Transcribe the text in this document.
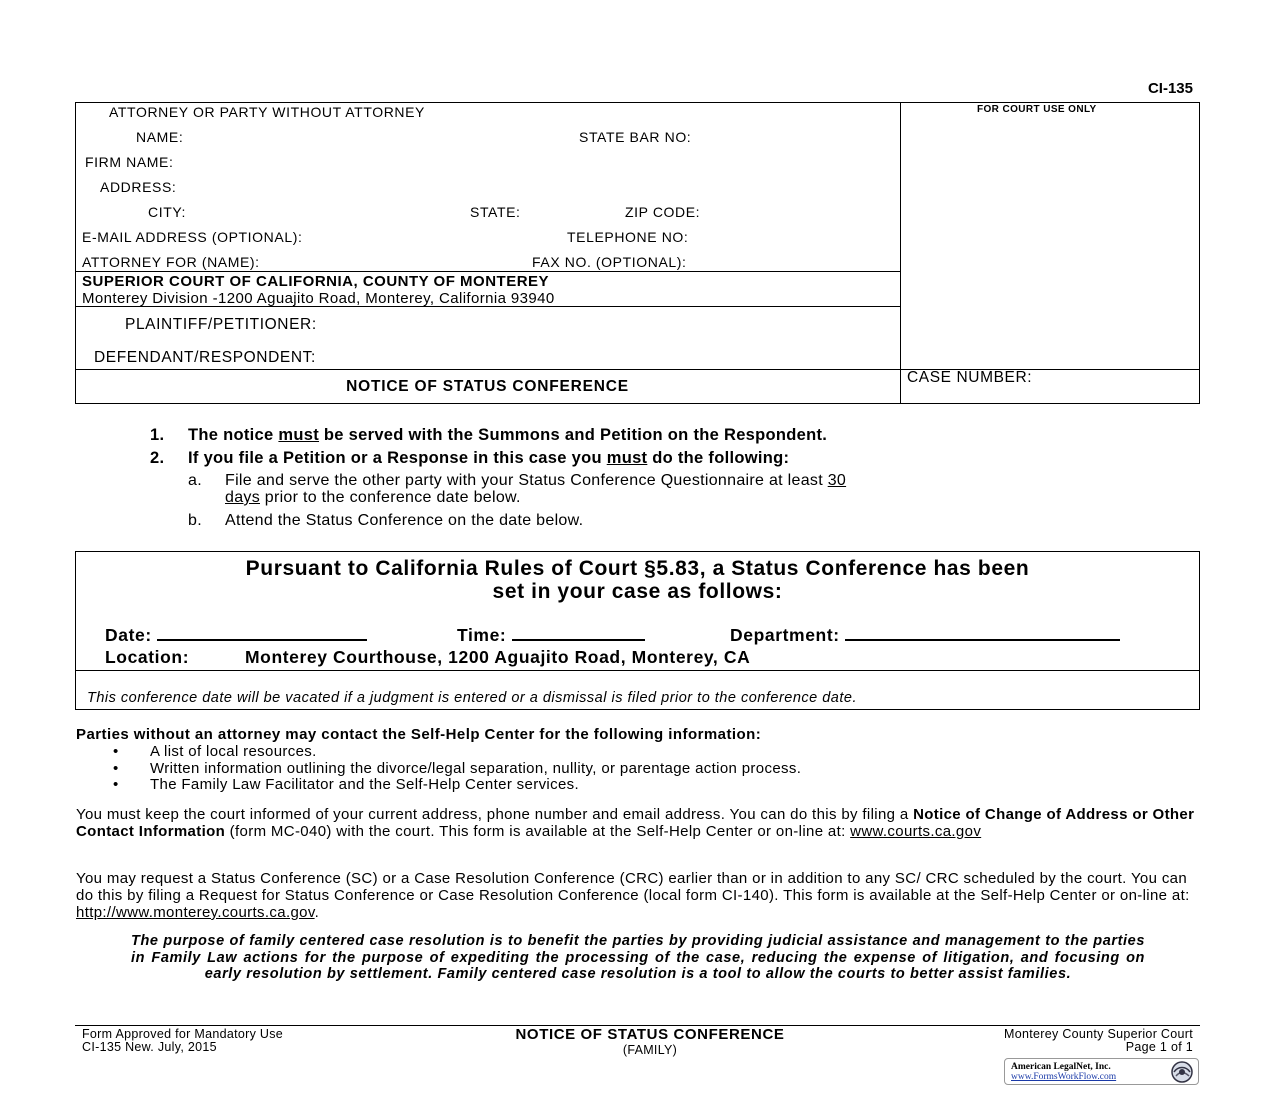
CI-135
ATTORNEY OR PARTY WITHOUT ATTORNEY	FOR COURT USE ONLY
NAME:	STATE BAR NO:
FIRM NAME:
ADDRESS:
CITY:	STATE:	ZIP CODE:
E-MAIL ADDRESS (OPTIONAL):	TELEPHONE NO:
ATTORNEY FOR (NAME):	FAX NO. (OPTIONAL):
SUPERIOR COURT OF CALIFORNIA, COUNTY OF MONTEREY
Monterey Division -1200 Aguajito Road, Monterey, California 93940
PLAINTIFF/PETITIONER:
DEFENDANT/RESPONDENT:
NOTICE OF STATUS CONFERENCE
CASE NUMBER:
1. The notice must be served with the Summons and Petition on the Respondent.
2. If you file a Petition or a Response in this case you must do the following:
a. File and serve the other party with your Status Conference Questionnaire at least 30
days prior to the conference date below.
b. Attend the Status Conference on the date below.
Pursuant to California Rules of Court §5.83, a Status Conference has been
set in your case as follows:
Date:	Time:	Department:
Location:	Monterey Courthouse, 1200 Aguajito Road, Monterey, CA
This conference date will be vacated if a judgment is entered or a dismissal is filed prior to the conference date.
Parties without an attorney may contact the Self-Help Center for the following information:
• A list of local resources.
• Written information outlining the divorce/legal separation, nullity, or parentage action process.
• The Family Law Facilitator and the Self-Help Center services.
You must keep the court informed of your current address, phone number and email address. You can do this by filing a Notice of Change of Address or Other Contact Information (form MC-040) with the court. This form is available at the Self-Help Center or on-line at: www.courts.ca.gov
You may request a Status Conference (SC) or a Case Resolution Conference (CRC) earlier than or in addition to any SC/ CRC scheduled by the court. You can do this by filing a Request for Status Conference or Case Resolution Conference (local form CI-140). This form is available at the Self-Help Center or on-line at: http://www.monterey.courts.ca.gov.
The purpose of family centered case resolution is to benefit the parties by providing judicial assistance and management to the parties in Family Law actions for the purpose of expediting the processing of the case, reducing the expense of litigation, and focusing on early resolution by settlement. Family centered case resolution is a tool to allow the courts to better assist families.
Form Approved for Mandatory Use
CI-135 New. July, 2015
NOTICE OF STATUS CONFERENCE
(FAMILY)
Monterey County Superior Court
Page 1 of 1
American LegalNet, Inc.
www.FormsWorkFlow.com
